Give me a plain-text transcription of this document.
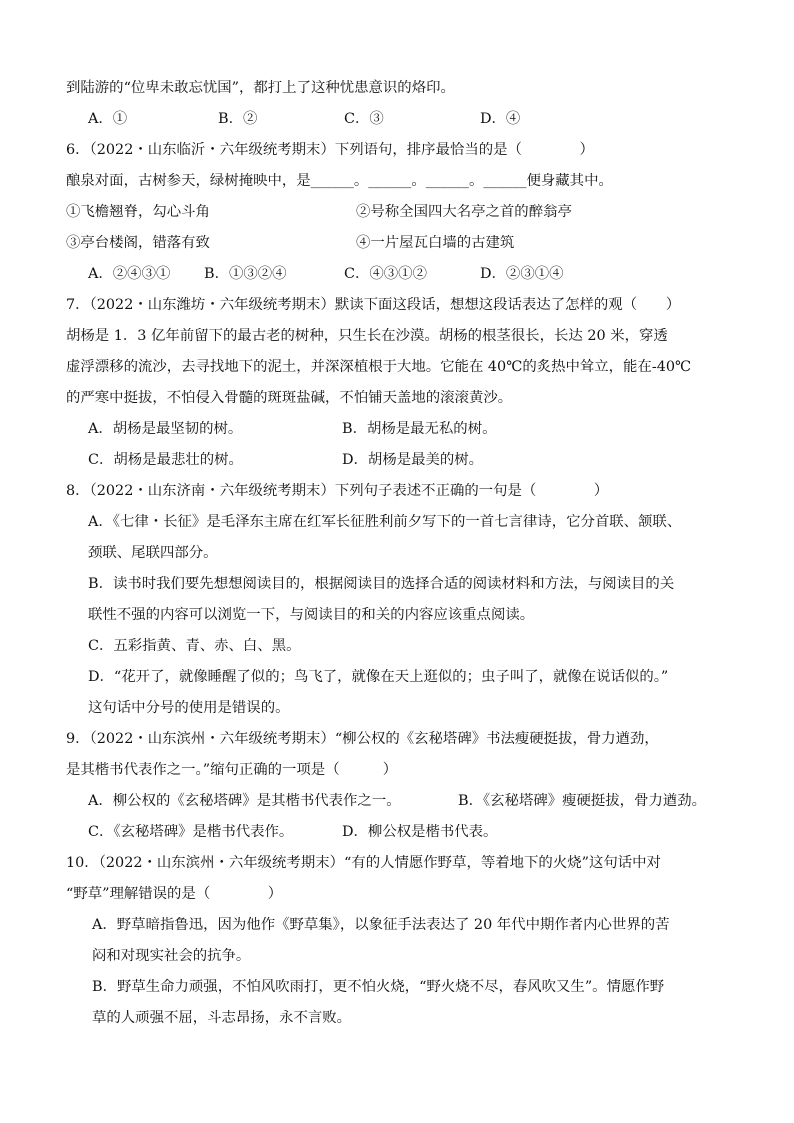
到陆游的“位卑未敢忘忧国”，都打上了这种忧患意识的烙印。
A．①	B．②	C．③	D．④
6．（2022・山东临沂・六年级统考期末）下列语句，排序最恰当的是（　　　　）
酿泉对面，古树参天，绿树掩映中，是______。______。______。______便身藏其中。
①飞檐翘脊，勾心斗角	②号称全国四大名亭之首的醉翁亭
③亭台楼阁，错落有致	④一片屋瓦白墙的古建筑
A．②④③① B．①③②④	C．④③①②	D．②③①④
7．（2022・山东潍坊・六年级统考期末）默读下面这段话，想想这段话表达了怎样的观（　　）
胡杨是 1．3 亿年前留下的最古老的树种，只生长在沙漠。胡杨的根茎很长，长达 20 米，穿透
虚浮漂移的流沙，去寻找地下的泥土，并深深植根于大地。它能在 40℃的炙热中耸立，能在-40℃
的严寒中挺拔，不怕侵入骨髓的斑斑盐碱，不怕铺天盖地的滚滚黄沙。
A．胡杨是最坚韧的树。	B．胡杨是最无私的树。
C．胡杨是最悲壮的树。	D．胡杨是最美的树。
8．（2022・山东济南・六年级统考期末）下列句子表述不正确的一句是（　　　　）
A．《七律・长征》是毛泽东主席在红军长征胜利前夕写下的一首七言律诗，它分首联、颔联、
颈联、尾联四部分。
B．读书时我们要先想想阅读目的，根据阅读目的选择合适的阅读材料和方法，与阅读目的关
联性不强的内容可以浏览一下，与阅读目的和关的内容应该重点阅读。
C．五彩指黄、青、赤、白、黑。
D．“花开了，就像睡醒了似的；鸟飞了，就像在天上逛似的；虫子叫了，就像在说话似的。”
这句话中分号的使用是错误的。
9．（2022・山东滨州・六年级统考期末）“柳公权的《玄秘塔碑》书法瘦硬挺拔，骨力遒劲，
是其楷书代表作之一。”缩句正确的一项是（　　　）
A．柳公权的《玄秘塔碑》是其楷书代表作之一。	B．《玄秘塔碑》瘦硬挺拔，骨力遒劲。
C．《玄秘塔碑》是楷书代表作。	D．柳公权是楷书代表。
10．（2022・山东滨州・六年级统考期末）“有的人情愿作野草，等着地下的火烧”这句话中对
“野草”理解错误的是（　　　　）
A．野草暗指鲁迅，因为他作《野草集》，以象征手法表达了 20 年代中期作者内心世界的苦
闷和对现实社会的抗争。
B．野草生命力顽强，不怕风吹雨打，更不怕火烧，“野火烧不尽，春风吹又生”。情愿作野
草的人顽强不屈，斗志昂扬，永不言败。
